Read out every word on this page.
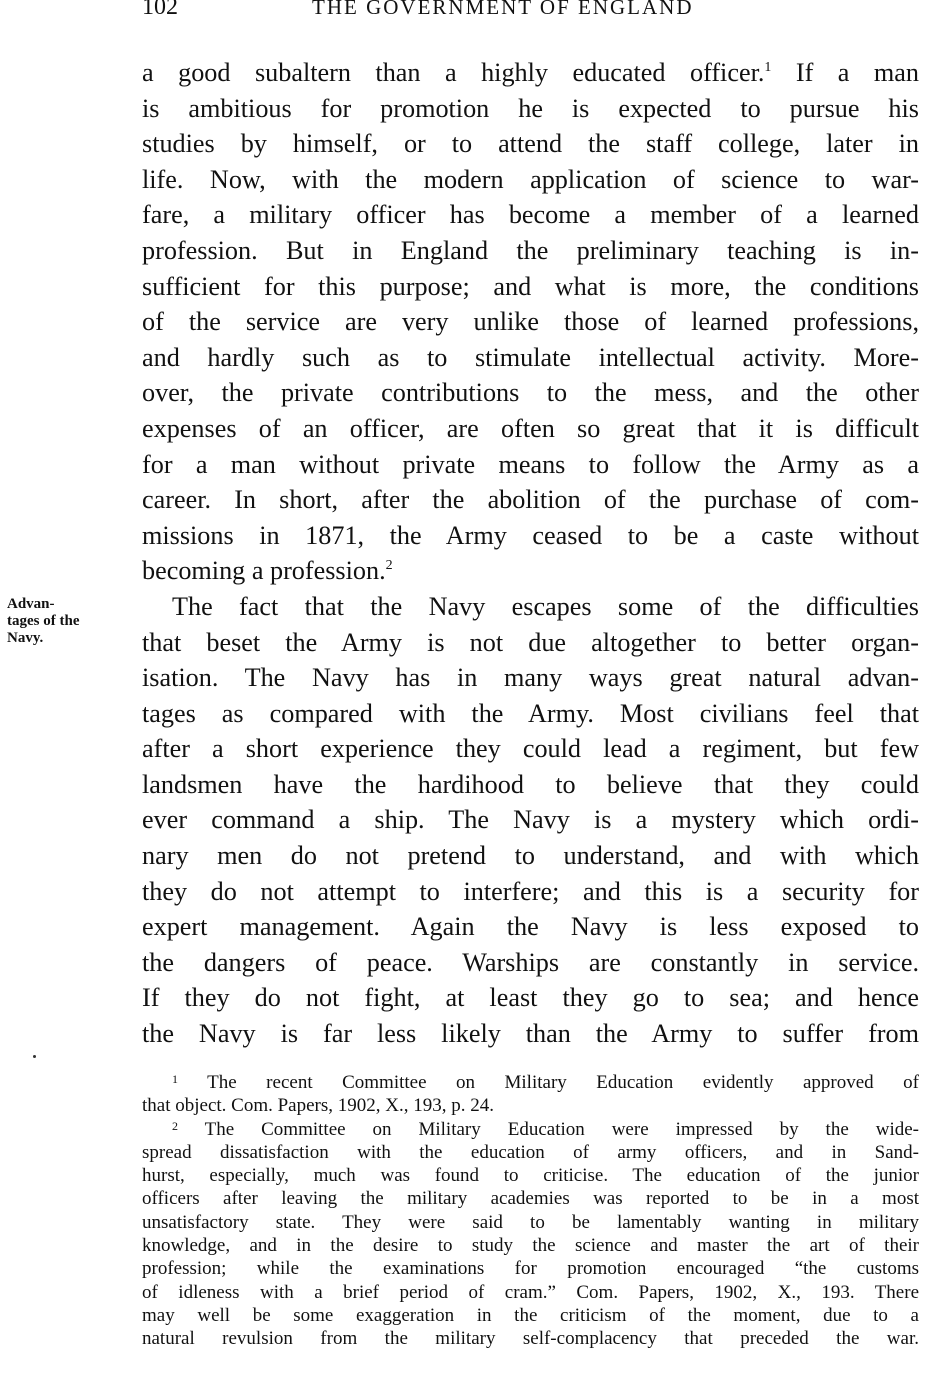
102	THE GOVERNMENT OF ENGLAND
Advan-
tages of the
Navy.
a good subaltern than a highly educated officer.$^1$ If a man
is ambitious for promotion he is expected to pursue his
studies by himself, or to attend the staff college, later in
life. Now, with the modern application of science to war-
fare, a military officer has become a member of a learned
profession. But in England the preliminary teaching is in-
sufficient for this purpose; and what is more, the conditions
of the service are very unlike those of learned professions,
and hardly such as to stimulate intellectual activity. More-
over, the private contributions to the mess, and the other
expenses of an officer, are often so great that it is difficult
for a man without private means to follow the Army as a
career. In short, after the abolition of the purchase of com-
missions in 1871, the Army ceased to be a caste without
becoming a profession.$^2$
The fact that the Navy escapes some of the difficulties
that beset the Army is not due altogether to better organ-
isation. The Navy has in many ways great natural advan-
tages as compared with the Army. Most civilians feel that
after a short experience they could lead a regiment, but few
landsmen have the hardihood to believe that they could
ever command a ship. The Navy is a mystery which ordi-
nary men do not pretend to understand, and with which
they do not attempt to interfere; and this is a security for
expert management. Again the Navy is less exposed to
the dangers of peace. Warships are constantly in service.
If they do not fight, at least they go to sea; and hence
the Navy is far less likely than the Army to suffer from
$^1$ The recent Committee on Military Education evidently approved of
that object. Com. Papers, 1902, X., 193, p. 24.
$^2$ The Committee on Military Education were impressed by the wide-
spread dissatisfaction with the education of army officers, and in Sand-
hurst, especially, much was found to criticise. The education of the junior
officers after leaving the military academies was reported to be in a most
unsatisfactory state. They were said to be lamentably wanting in military
knowledge, and in the desire to study the science and master the art of their
profession; while the examinations for promotion encouraged “the customs
of idleness with a brief period of cram.” Com. Papers, 1902, X., 193. There
may well be some exaggeration in the criticism of the moment, due to a
natural revulsion from the military self-complacency that preceded the war.
